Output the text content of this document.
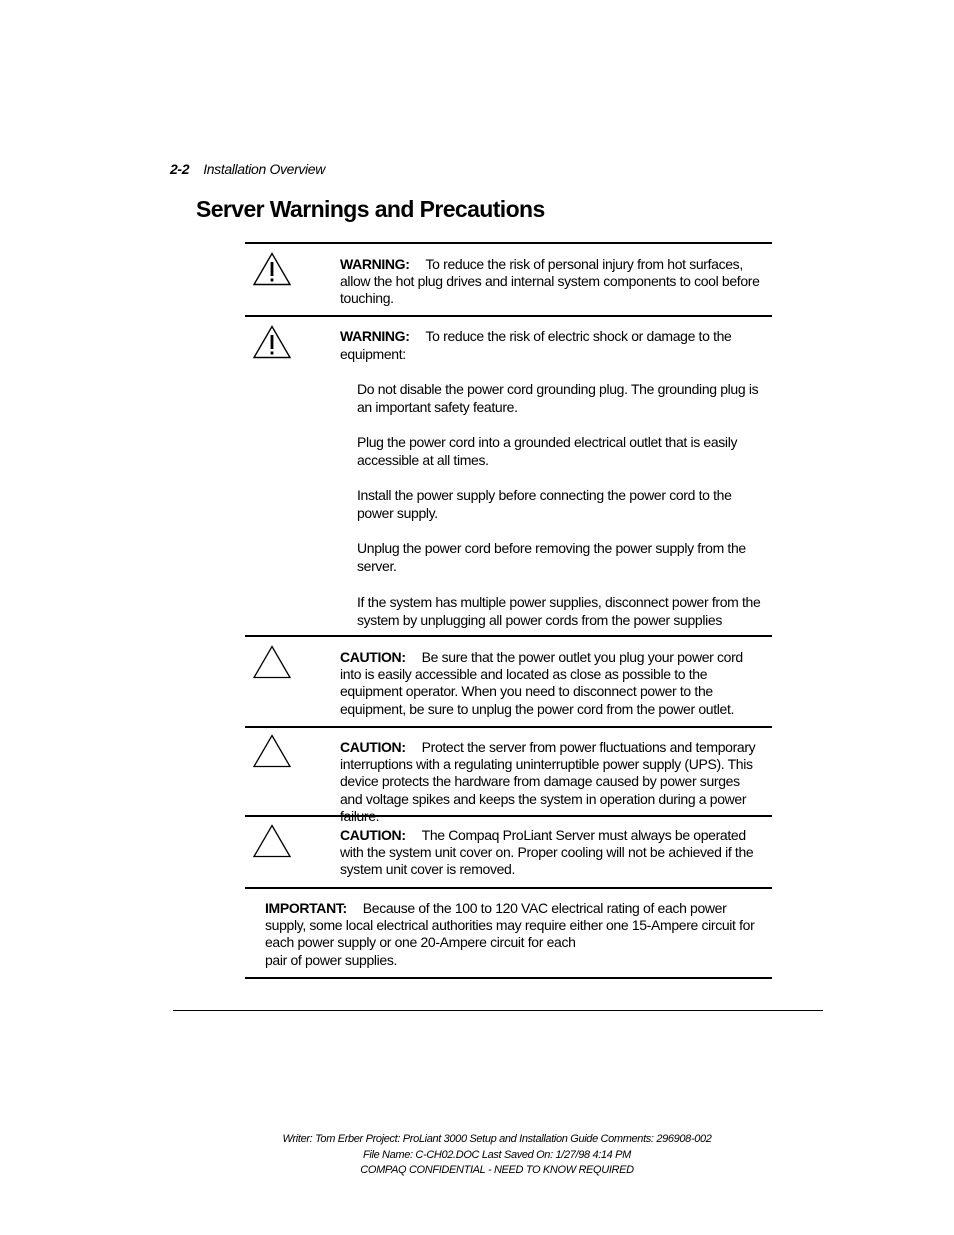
2-2 Installation Overview
Server Warnings and Precautions
WARNING: To reduce the risk of personal injury from hot surfaces, allow the hot plug drives and internal system components to cool before touching.
WARNING: To reduce the risk of electric shock or damage to the equipment:

Do not disable the power cord grounding plug. The grounding plug is an important safety feature.

Plug the power cord into a grounded electrical outlet that is easily accessible at all times.

Install the power supply before connecting the power cord to the power supply.

Unplug the power cord before removing the power supply from the server.

If the system has multiple power supplies, disconnect power from the system by unplugging all power cords from the power supplies

CAUTION: Be sure that the power outlet you plug your power cord into is easily accessible and located as close as possible to the equipment operator. When you need to disconnect power to the equipment, be sure to unplug the power cord from the power outlet.
CAUTION: Protect the server from power fluctuations and temporary interruptions with a regulating uninterruptible power supply (UPS). This device protects the hardware from damage caused by power surges and voltage spikes and keeps the system in operation during a power failure.
CAUTION: The Compaq ProLiant Server must always be operated with the system unit cover on. Proper cooling will not be achieved if the system unit cover is removed.
IMPORTANT: Because of the 100 to 120 VAC electrical rating of each power supply, some local electrical authorities may require either one 15-Ampere circuit for each power supply or one 20-Ampere circuit for each
pair of power supplies.
Writer: Tom Erber Project: ProLiant 3000 Setup and Installation Guide Comments: 296908-002
File Name: C-CH02.DOC Last Saved On: 1/27/98 4:14 PM
COMPAQ CONFIDENTIAL - NEED TO KNOW REQUIRED
